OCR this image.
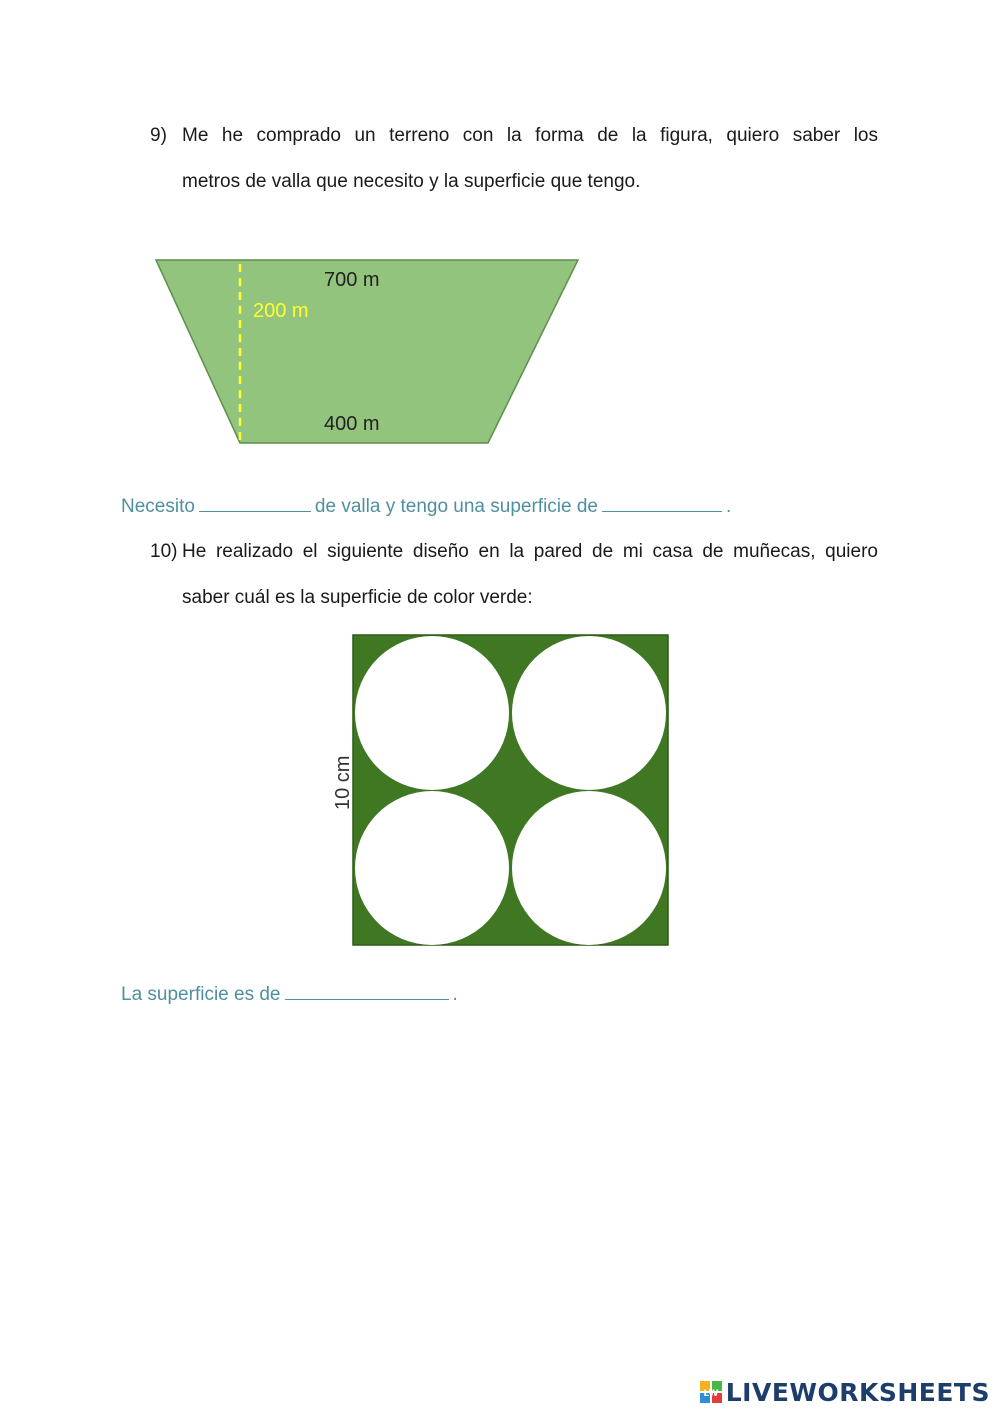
9) Me he comprado un terreno con la forma de la figura, quiero saber los
metros de valla que necesito y la superficie que tengo.
700 m
200 m
400 m
Necesito	de valla y tengo una superficie de	.
10) He realizado el siguiente diseño en la pared de mi casa de muñecas, quiero
saber cuál es la superficie de color verde:
10 cm
La superficie es de	.
LW LIVEWORKSHEETS
